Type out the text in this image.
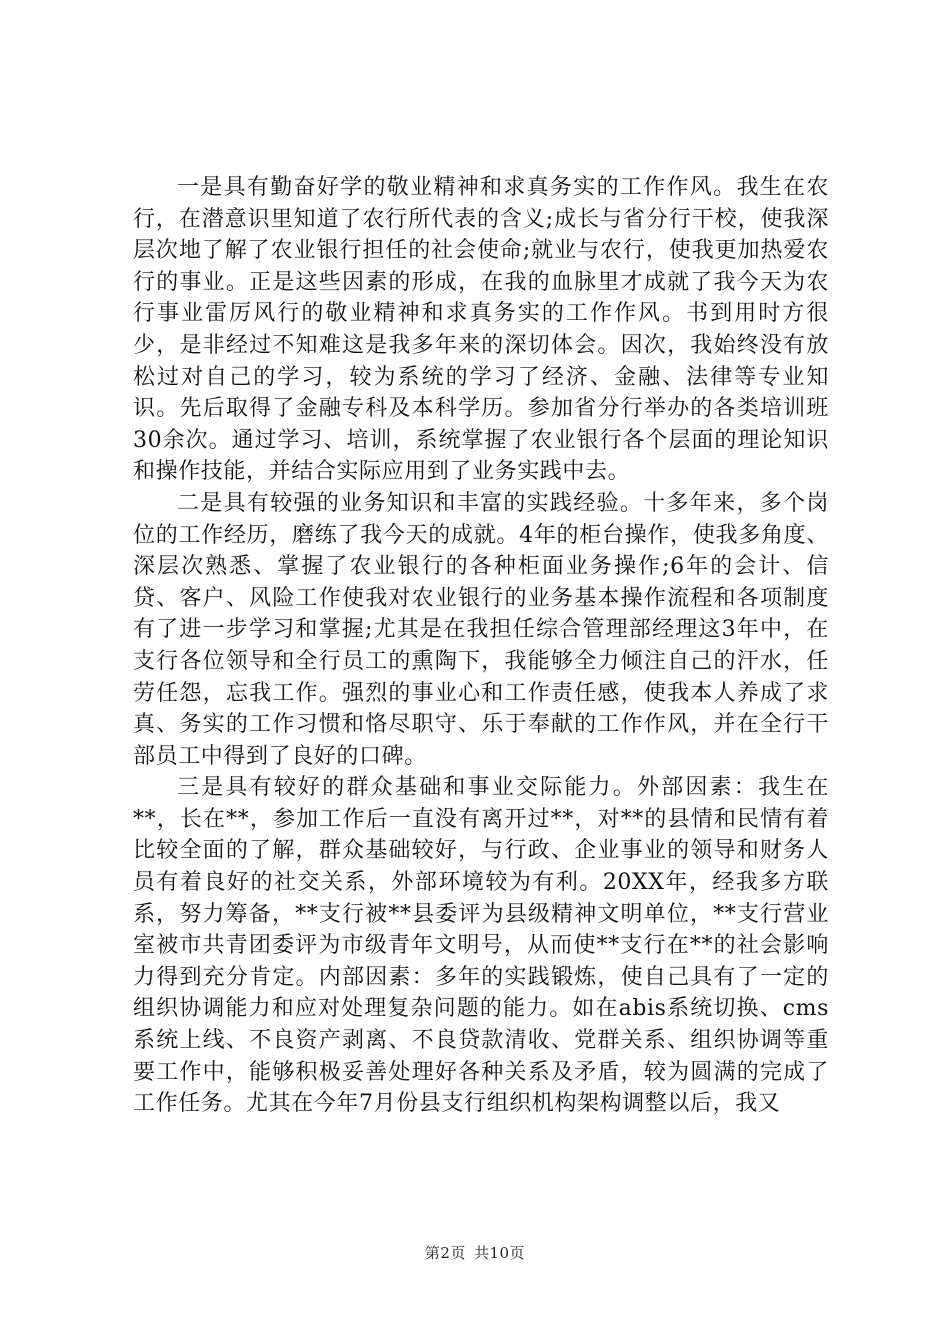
一是具有勤奋好学的敬业精神和求真务实的工作作风。我生在农行，在潜意识里知道了农行所代表的含义;成长与省分行干校，使我深层次地了解了农业银行担任的社会使命;就业与农行，使我更加热爱农行的事业。正是这些因素的形成，在我的血脉里才成就了我今天为农行事业雷厉风行的敬业精神和求真务实的工作作风。书到用时方很少，是非经过不知难这是我多年来的深切体会。因次，我始终没有放松过对自己的学习，较为系统的学习了经济、金融、法律等专业知识。先后取得了金融专科及本科学历。参加省分行举办的各类培训班30余次。通过学习、培训，系统掌握了农业银行各个层面的理论知识和操作技能，并结合实际应用到了业务实践中去。

二是具有较强的业务知识和丰富的实践经验。十多年来，多个岗位的工作经历，磨练了我今天的成就。4年的柜台操作，使我多角度、深层次熟悉、掌握了农业银行的各种柜面业务操作;6年的会计、信贷、客户、风险工作使我对农业银行的业务基本操作流程和各项制度有了进一步学习和掌握;尤其是在我担任综合管理部经理这3年中，在支行各位领导和全行员工的熏陶下，我能够全力倾注自己的汗水，任劳任怨，忘我工作。强烈的事业心和工作责任感，使我本人养成了求真、务实的工作习惯和恪尽职守、乐于奉献的工作作风，并在全行干部员工中得到了良好的口碑。

三是具有较好的群众基础和事业交际能力。外部因素：我生在**，长在**，参加工作后一直没有离开过**，对**的县情和民情有着比较全面的了解，群众基础较好，与行政、企业事业的领导和财务人员有着良好的社交关系，外部环境较为有利。20XX年，经我多方联系，努力筹备，**支行被**县委评为县级精神文明单位，**支行营业室被市共青团委评为市级青年文明号，从而使**支行在**的社会影响力得到充分肯定。内部因素：多年的实践锻炼，使自己具有了一定的组织协调能力和应对处理复杂问题的能力。如在abis系统切换、cms系统上线、不良资产剥离、不良贷款清收、党群关系、组织协调等重要工作中，能够积极妥善处理好各种关系及矛盾，较为圆满的完成了工作任务。尤其在今年7月份县支行组织机构架构调整以后，我又

第2页 共10页
